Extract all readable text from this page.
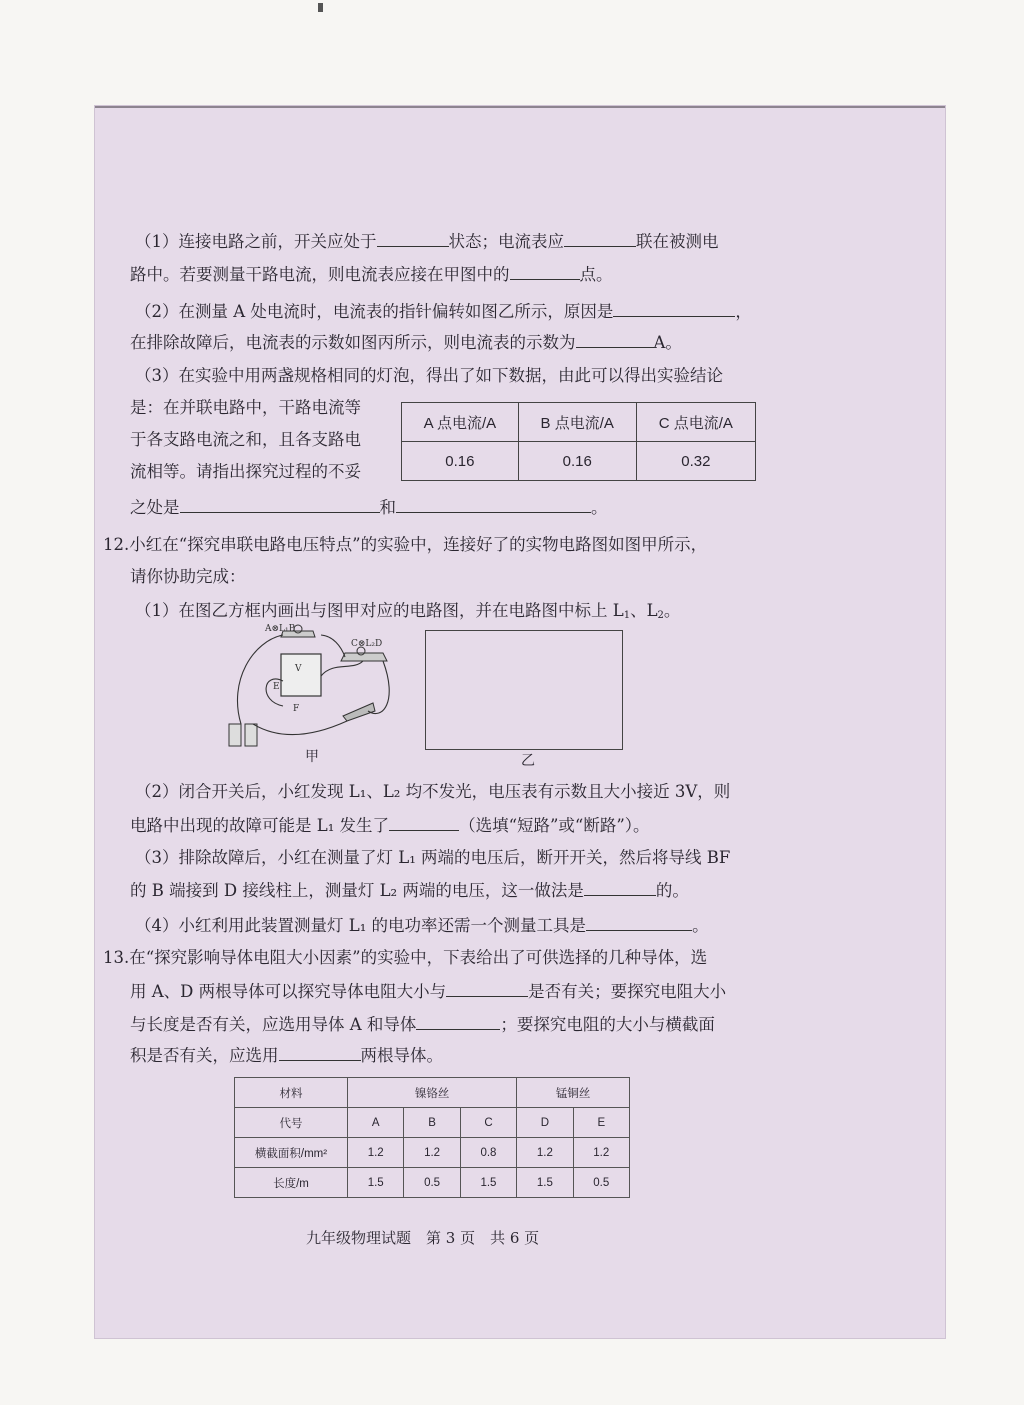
（1）连接电路之前，开关应处于	状态；电流表应	联在被测电
路中。若要测量干路电流，则电流表应接在甲图中的	点。
（2）在测量 A 处电流时，电流表的指针偏转如图乙所示，原因是	，
在排除故障后，电流表的示数如图丙所示，则电流表的示数为	A。
（3）在实验中用两盏规格相同的灯泡，得出了如下数据，由此可以得出实验结论
是：在并联电路中，干路电流等
于各支路电流之和，且各支路电
流相等。请指出探究过程的不妥
之处是	和	。
A 点电流/A	B 点电流/A	C 点电流/A
0.16	0.16	0.32
12.小红在“探究串联电路电压特点”的实验中，连接好了的实物电路图如图甲所示，
请你协助完成：
（1）在图乙方框内画出与图甲对应的电路图，并在电路图中标上 $L_1$、$L_2$。
V
A⊗L₁B
C⊗L₂D
E
F
甲	乙
（2）闭合开关后，小红发现 L₁、L₂ 均不发光，电压表有示数且大小接近 3V，则
电路中出现的故障可能是 L₁ 发生了	（选填“短路”或“断路”）。
（3）排除故障后，小红在测量了灯 L₁ 两端的电压后，断开开关，然后将导线 BF
的 B 端接到 D 接线柱上，测量灯 L₂ 两端的电压，这一做法是	的。
（4）小红利用此装置测量灯 L₁ 的电功率还需一个测量工具是	。
13.在“探究影响导体电阻大小因素”的实验中，下表给出了可供选择的几种导体，选
用 A、D 两根导体可以探究导体电阻大小与	是否有关；要探究电阻大小
与长度是否有关，应选用导体 A 和导体	；要探究电阻的大小与横截面
积是否有关，应选用	两根导体。
材料	镍铬丝			锰铜丝	
代号	A	B	C	D	E
横截面积/mm²	1.2	1.2	0.8	1.2	1.2
长度/m	1.5	0.5	1.5	1.5	0.5
九年级物理试题　第 3 页　共 6 页
